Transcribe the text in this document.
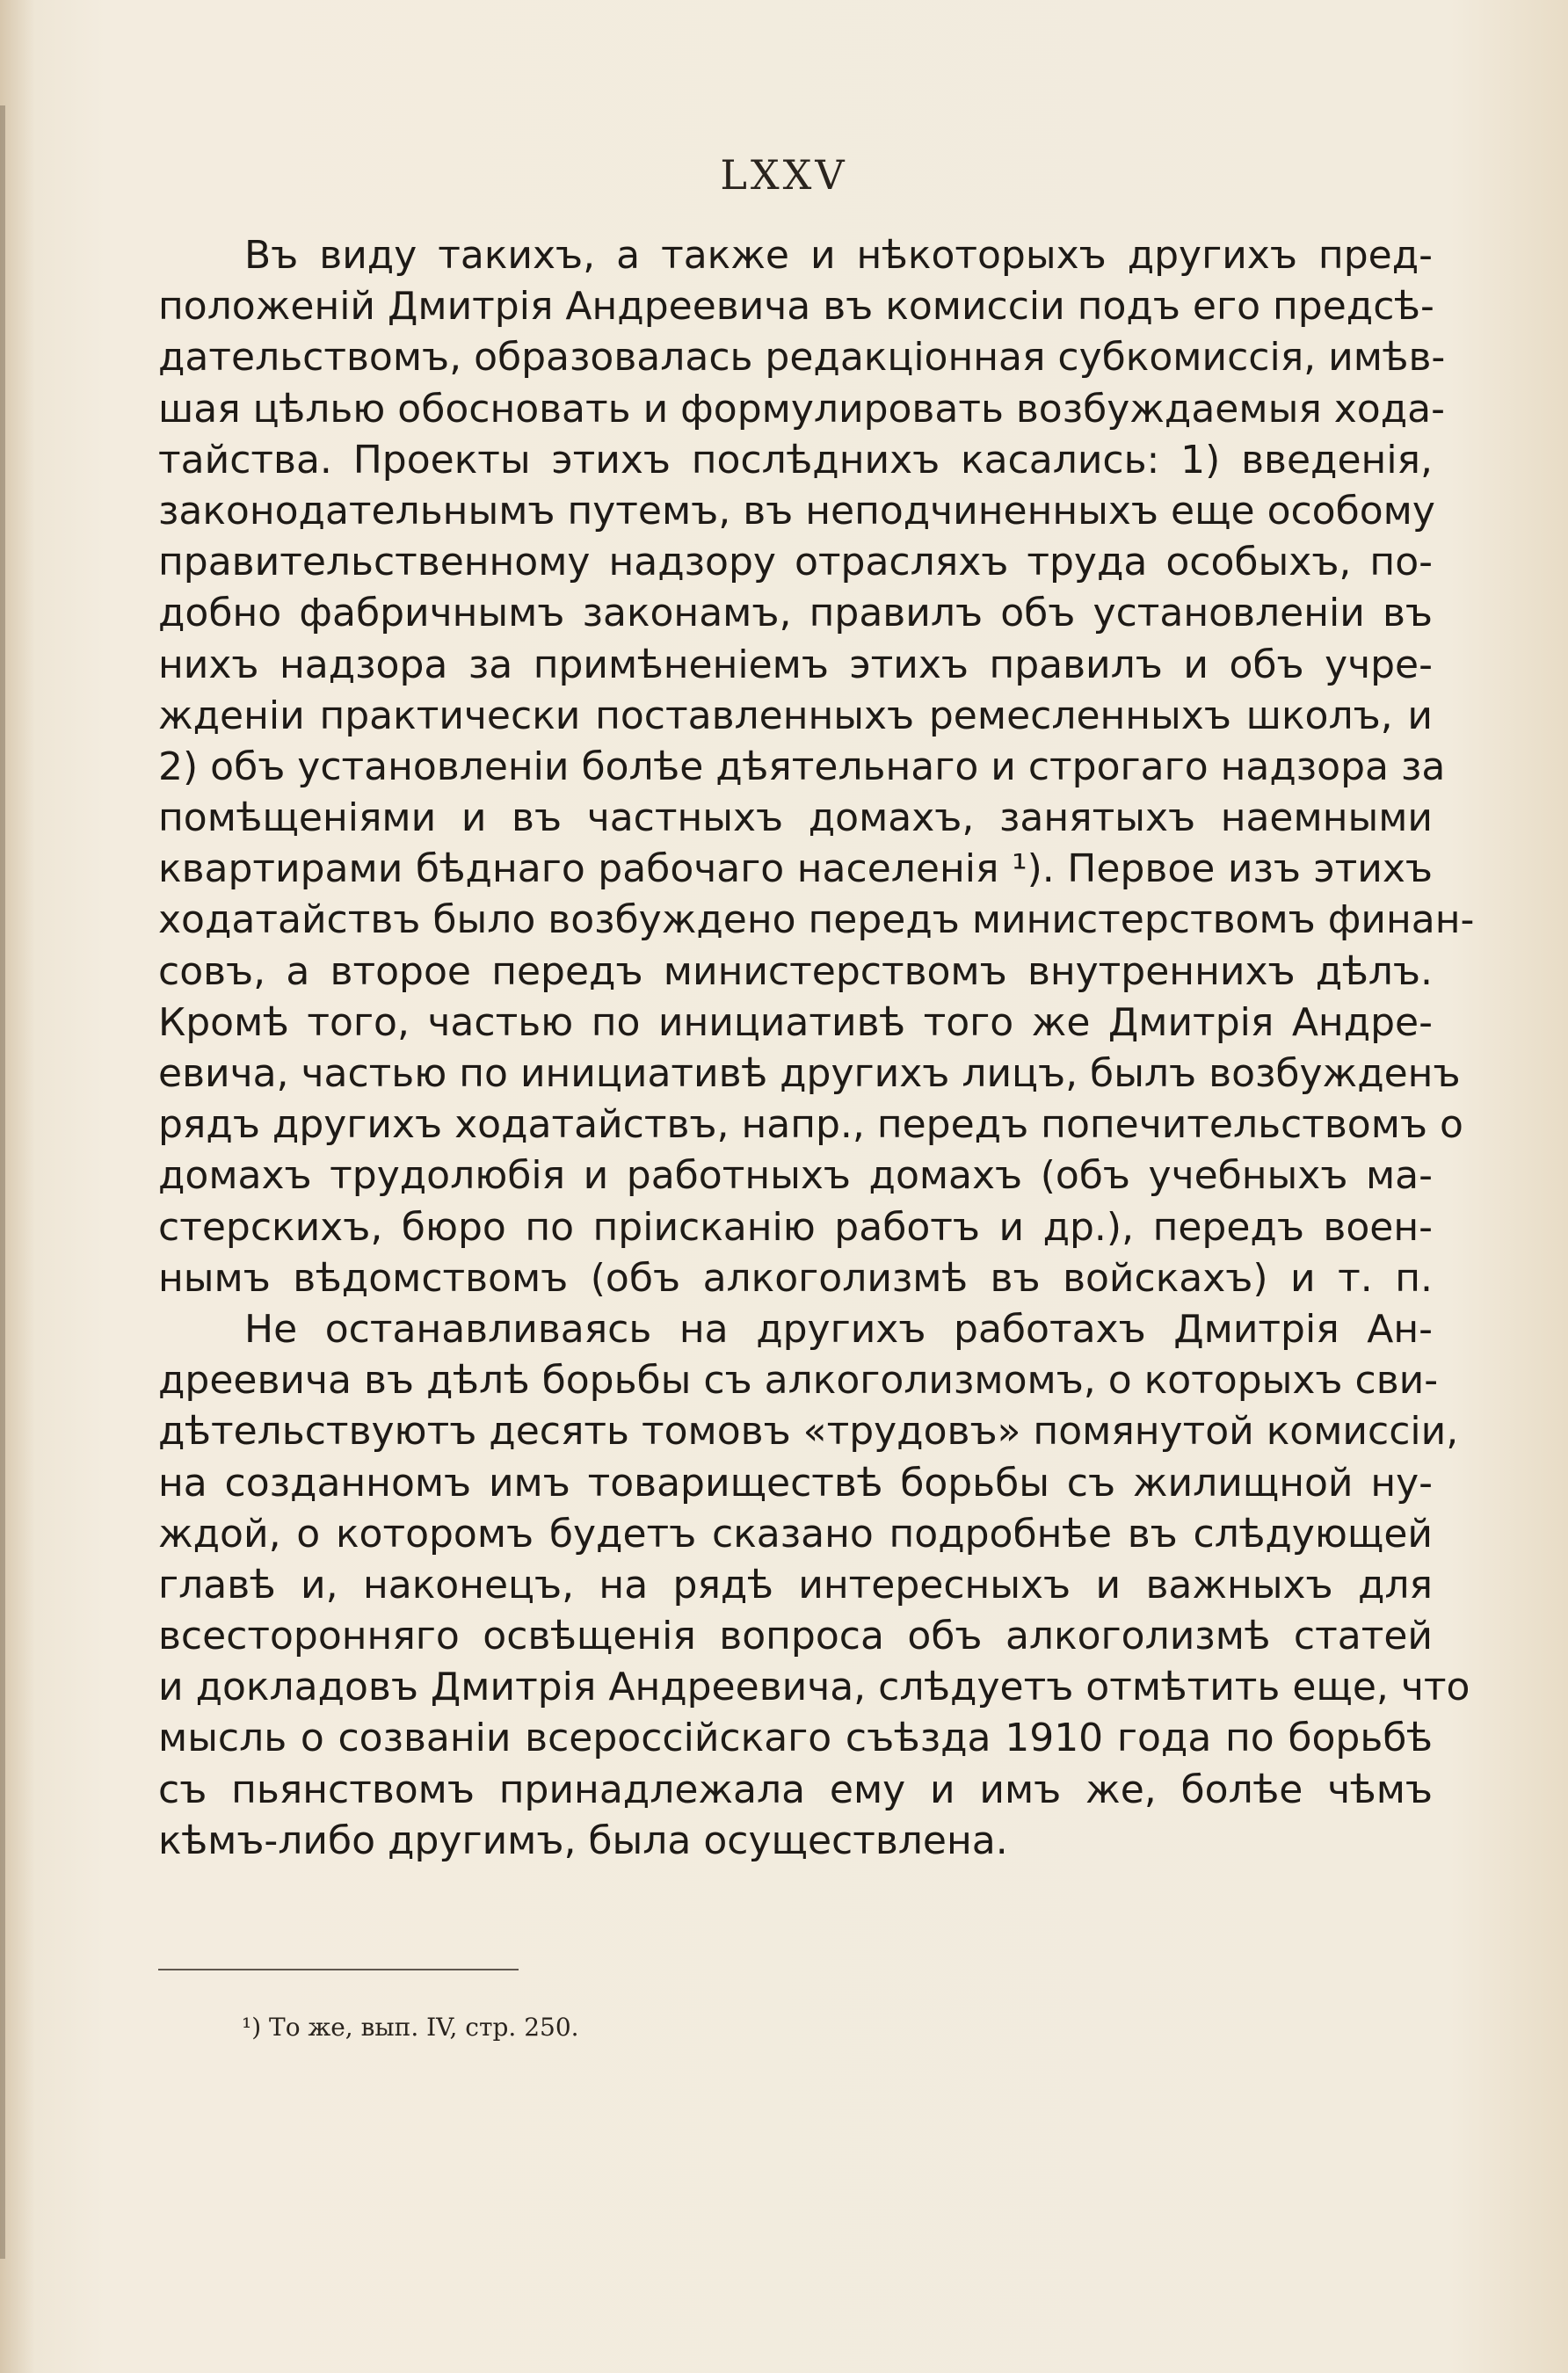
LXXV
Въ виду такихъ, а также и нѣкоторыхъ другихъ пред-
положеній Дмитрія Андреевича въ комиссіи подъ его предсѣ-
дательствомъ, образовалась редакціонная субкомиссія, имѣв-
шая цѣлью обосновать и формулировать возбуждаемыя хода-
тайства. Проекты этихъ послѣднихъ касались: 1) введенія,
законодательнымъ путемъ, въ неподчиненныхъ еще особому
правительственному надзору отрасляхъ труда особыхъ, по-
добно фабричнымъ законамъ, правилъ объ установленіи въ
нихъ надзора за примѣненіемъ этихъ правилъ и объ учре-
жденіи практически поставленныхъ ремесленныхъ школъ, и
2) объ установленіи болѣе дѣятельнаго и строгаго надзора за
помѣщеніями и въ частныхъ домахъ, занятыхъ наемными
квартирами бѣднаго рабочаго населенія ¹). Первое изъ этихъ
ходатайствъ было возбуждено передъ министерствомъ финан-
совъ, а второе передъ министерствомъ внутреннихъ дѣлъ.
Кромѣ того, частью по инициативѣ того же Дмитрія Андре-
евича, частью по инициативѣ другихъ лицъ, былъ возбужденъ
рядъ другихъ ходатайствъ, напр., передъ попечительствомъ о
домахъ трудолюбія и работныхъ домахъ (объ учебныхъ ма-
стерскихъ, бюро по пріисканію работъ и др.), передъ воен-
нымъ вѣдомствомъ (объ алкоголизмѣ въ войскахъ) и т. п.
Не останавливаясь на другихъ работахъ Дмитрія Ан-
дреевича въ дѣлѣ борьбы съ алкоголизмомъ, о которыхъ сви-
дѣтельствуютъ десять томовъ «трудовъ» помянутой комиссіи,
на созданномъ имъ товариществѣ борьбы съ жилищной ну-
ждой, о которомъ будетъ сказано подробнѣе въ слѣдующей
главѣ и, наконецъ, на рядѣ интересныхъ и важныхъ для
всесторонняго освѣщенія вопроса объ алкоголизмѣ статей
и докладовъ Дмитрія Андреевича, слѣдуетъ отмѣтить еще, что
мысль о созваніи всероссійскаго съѣзда 1910 года по борьбѣ
съ пьянствомъ принадлежала ему и имъ же, болѣе чѣмъ
кѣмъ-либо другимъ, была осуществлена.
¹) То же, вып. IV, стр. 250.
